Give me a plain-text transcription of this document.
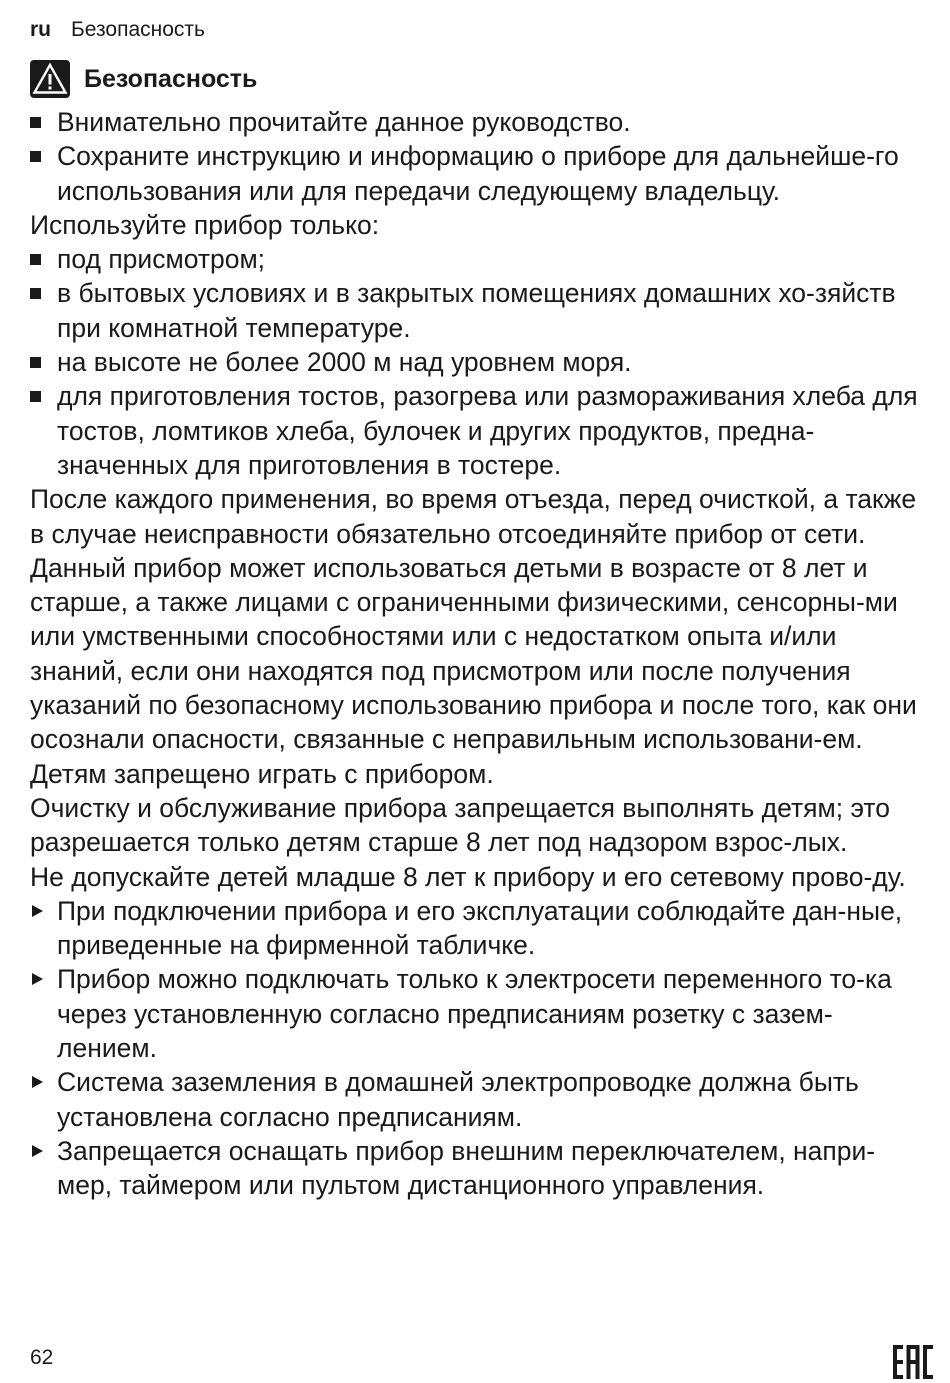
ru Безопасность
Безопасность
Внимательно прочитайте данное руководство.
Сохраните инструкцию и информацию о приборе для дальнейше-го использования или для передачи следующему владельцу.

Используйте прибор только:

под присмотром;
в бытовых условиях и в закрытых помещениях домашних хо-зяйств при комнатной температуре.
на высоте не более 2000 м над уровнем моря.
для приготовления тостов, разогрева или размораживания хлеба для тостов, ломтиков хлеба, булочек и других продуктов, предна-значенных для приготовления в тостере.

После каждого применения, во время отъезда, перед очисткой, а также в случае неисправности обязательно отсоединяйте прибор от сети.

Данный прибор может использоваться детьми в возрасте от 8 лет и старше, а также лицами с ограниченными физическими, сенсорны-ми или умственными способностями или с недостатком опыта и/или знаний, если они находятся под присмотром или после получения указаний по безопасному использованию прибора и после того, как они осознали опасности, связанные с неправильным использовани-ем.

Детям запрещено играть с прибором.

Очистку и обслуживание прибора запрещается выполнять детям; это разрешается только детям старше 8 лет под надзором взрос-лых.

Не допускайте детей младше 8 лет к прибору и его сетевому прово-ду.

При подключении прибора и его эксплуатации соблюдайте дан-ные, приведенные на фирменной табличке.
Прибор можно подключать только к электросети переменного то-ка через установленную согласно предписаниям розетку с зазем-лением.
Система заземления в домашней электропроводке должна быть установлена согласно предписаниям.
Запрещается оснащать прибор внешним переключателем, напри-мер, таймером или пультом дистанционного управления.
62
